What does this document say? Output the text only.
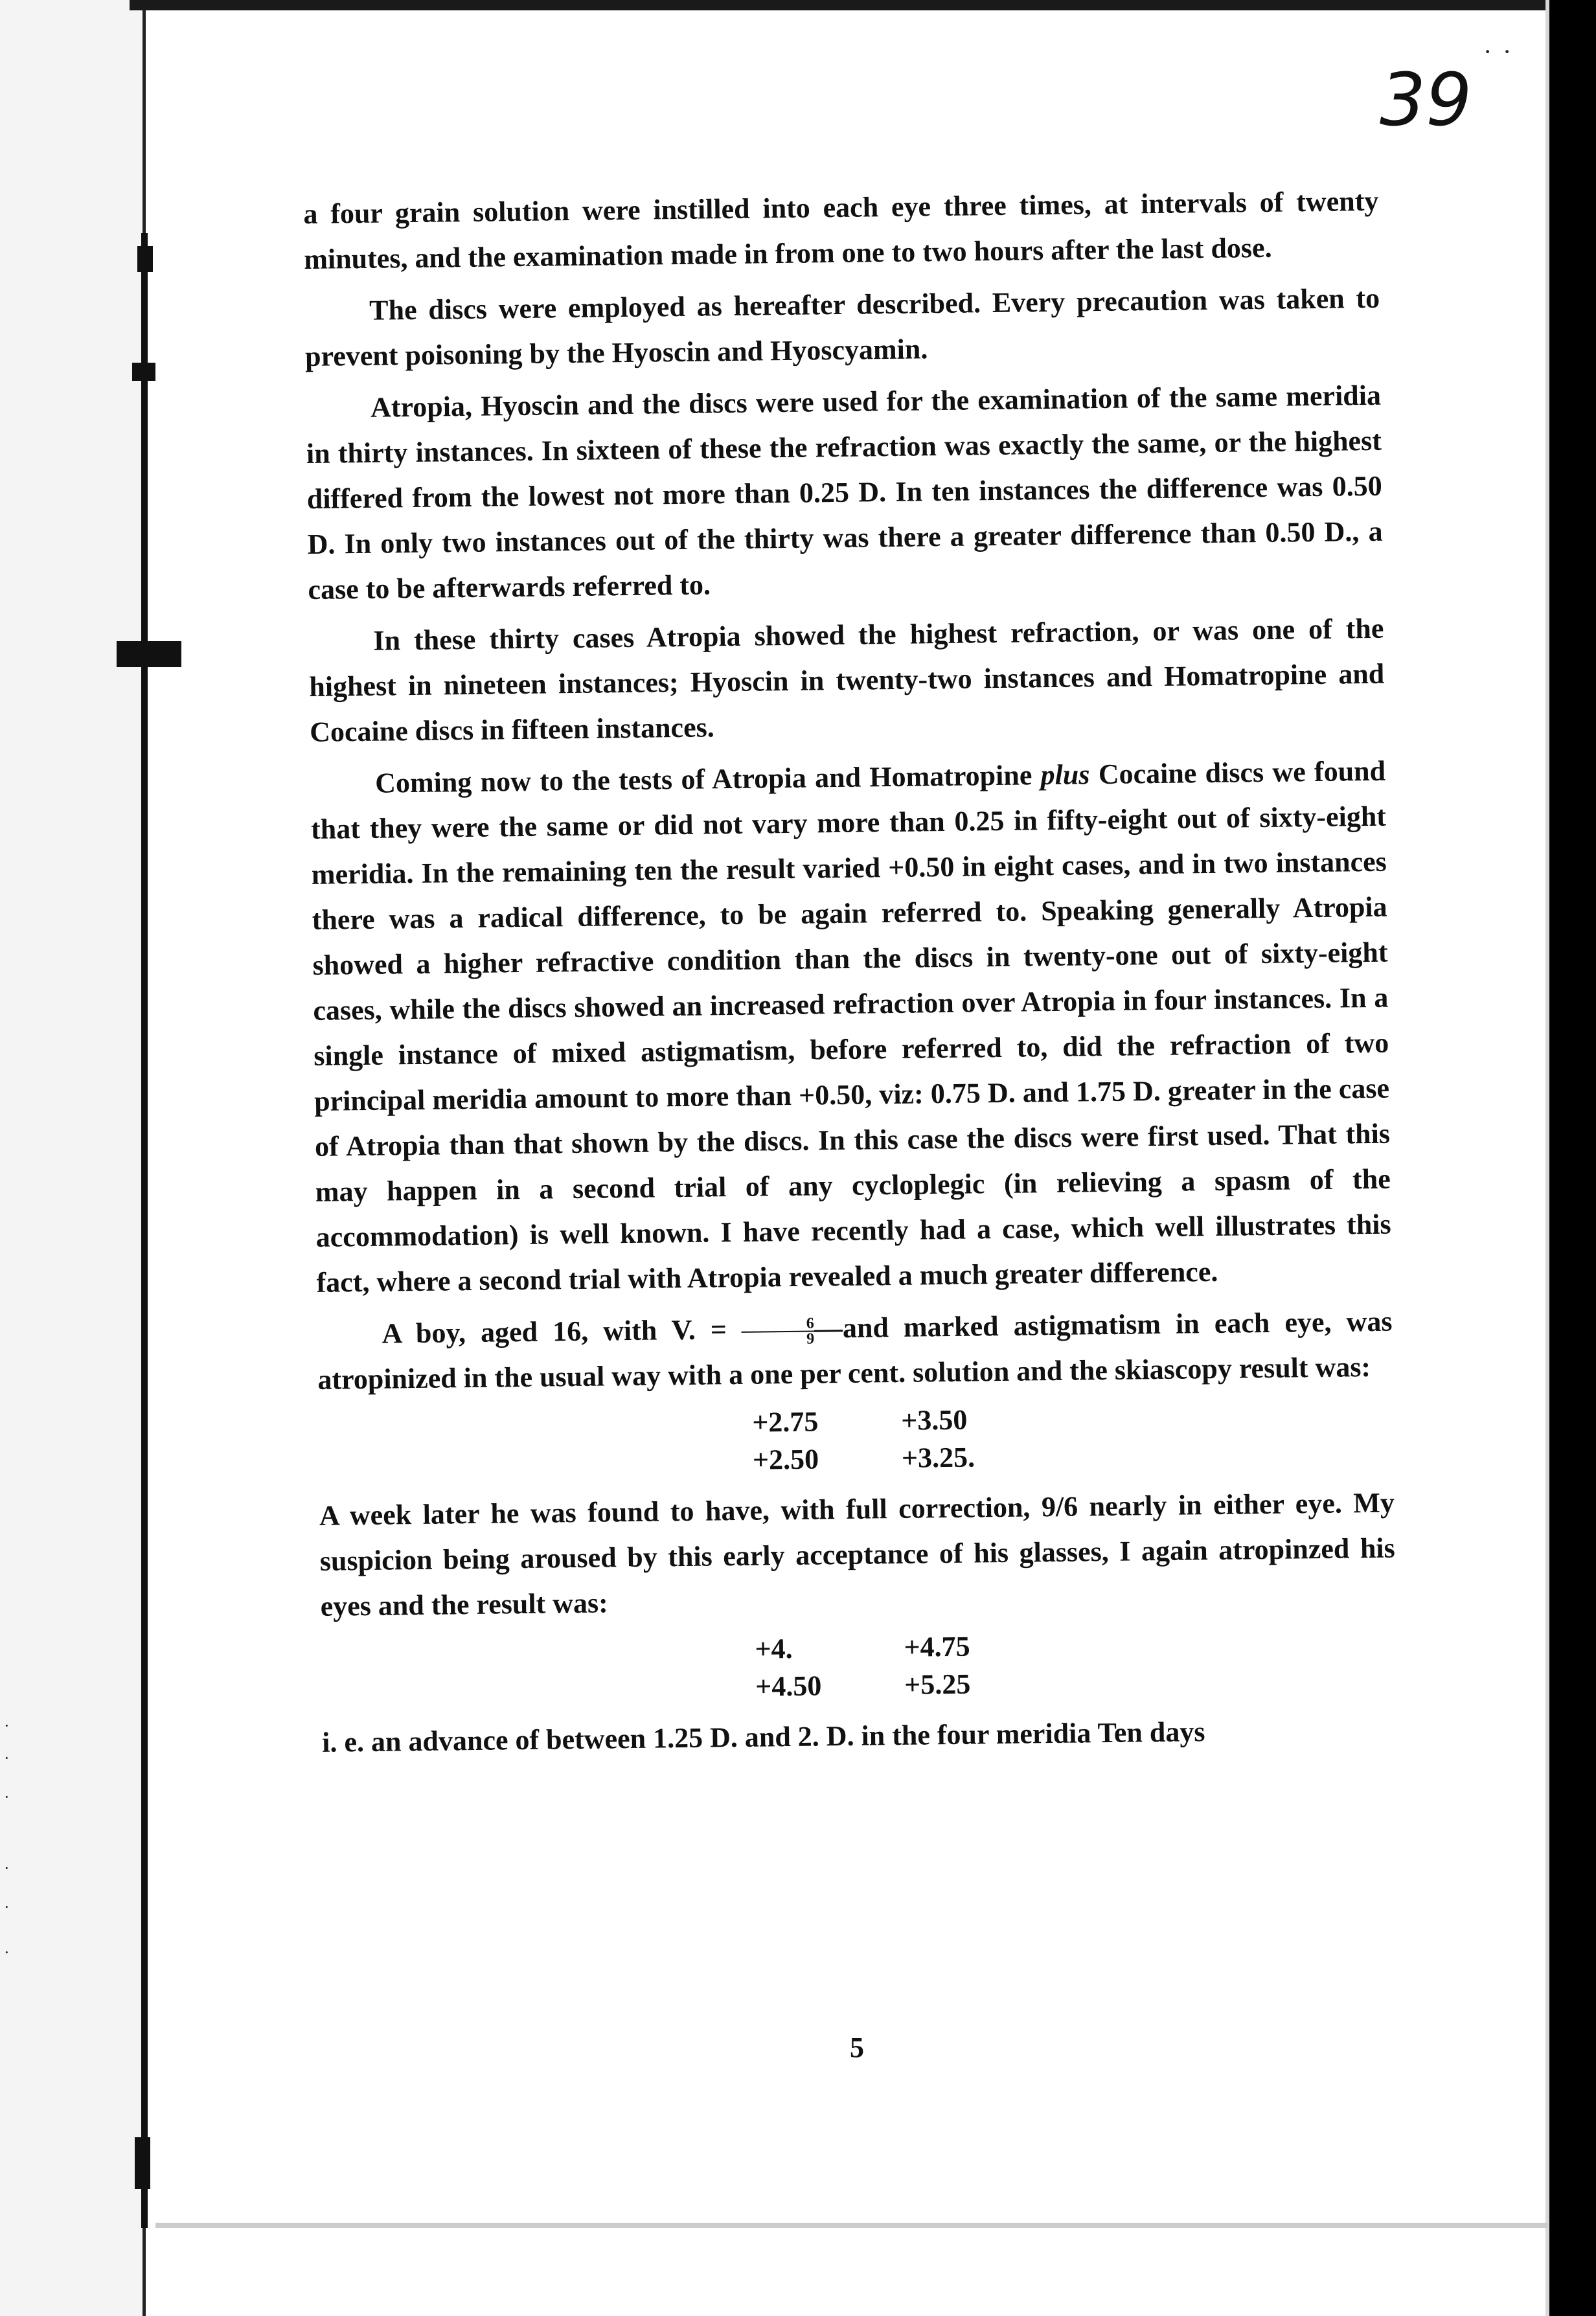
·
·
·
·
·
·
39
· ·

a four grain solution were instilled into each eye three times, at intervals of twenty minutes, and the examination made in from one to two hours after the last dose.

The discs were employed as hereafter described. Every precaution was taken to prevent poisoning by the Hyoscin and Hyoscyamin.

Atropia, Hyoscin and the discs were used for the examination of the same meridia in thirty instances. In sixteen of these the refraction was exactly the same, or the highest differed from the lowest not more than 0.25 D. In ten instances the difference was 0.50 D. In only two instances out of the thirty was there a greater difference than 0.50 D., a case to be afterwards referred to.

In these thirty cases Atropia showed the highest refraction, or was one of the highest in nineteen instances; Hyoscin in twenty-two instances and Homatropine and Cocaine discs in fifteen instances.

Coming now to the tests of Atropia and Homatropine plus Cocaine discs we found that they were the same or did not vary more than 0.25 in fifty-eight out of sixty-eight meridia. In the remaining ten the result varied +0.50 in eight cases, and in two instances there was a radical difference, to be again referred to. Speaking generally Atropia showed a higher refractive condition than the discs in twenty-one out of sixty-eight cases, while the discs showed an increased refraction over Atropia in four instances. In a single instance of mixed astigmatism, before referred to, did the refraction of two principal meridia amount to more than +0.50, viz: 0.75 D. and 1.75 D. greater in the case of Atropia than that shown by the discs. In this case the discs were first used. That this may happen in a second trial of any cycloplegic (in relieving a spasm of the accommodation) is well known. I have recently had a case, which well illustrates this fact, where a second trial with Atropia revealed a much greater difference.

A boy, aged 16, with V. = $\frac{6}{9}$ —and marked astigmatism in each eye, was atropinized in the usual way with a one per cent. solution and the skiascopy result was:

+2.75	+3.50
+2.50	+3.25.

A week later he was found to have, with full correction, 9/6 nearly in either eye. My suspicion being aroused by this early acceptance of his glasses, I again atropinzed his eyes and the result was:

+4.	+4.75
+4.50	+5.25

i. e. an advance of between 1.25 D. and 2. D. in the four meridia Ten days

5
